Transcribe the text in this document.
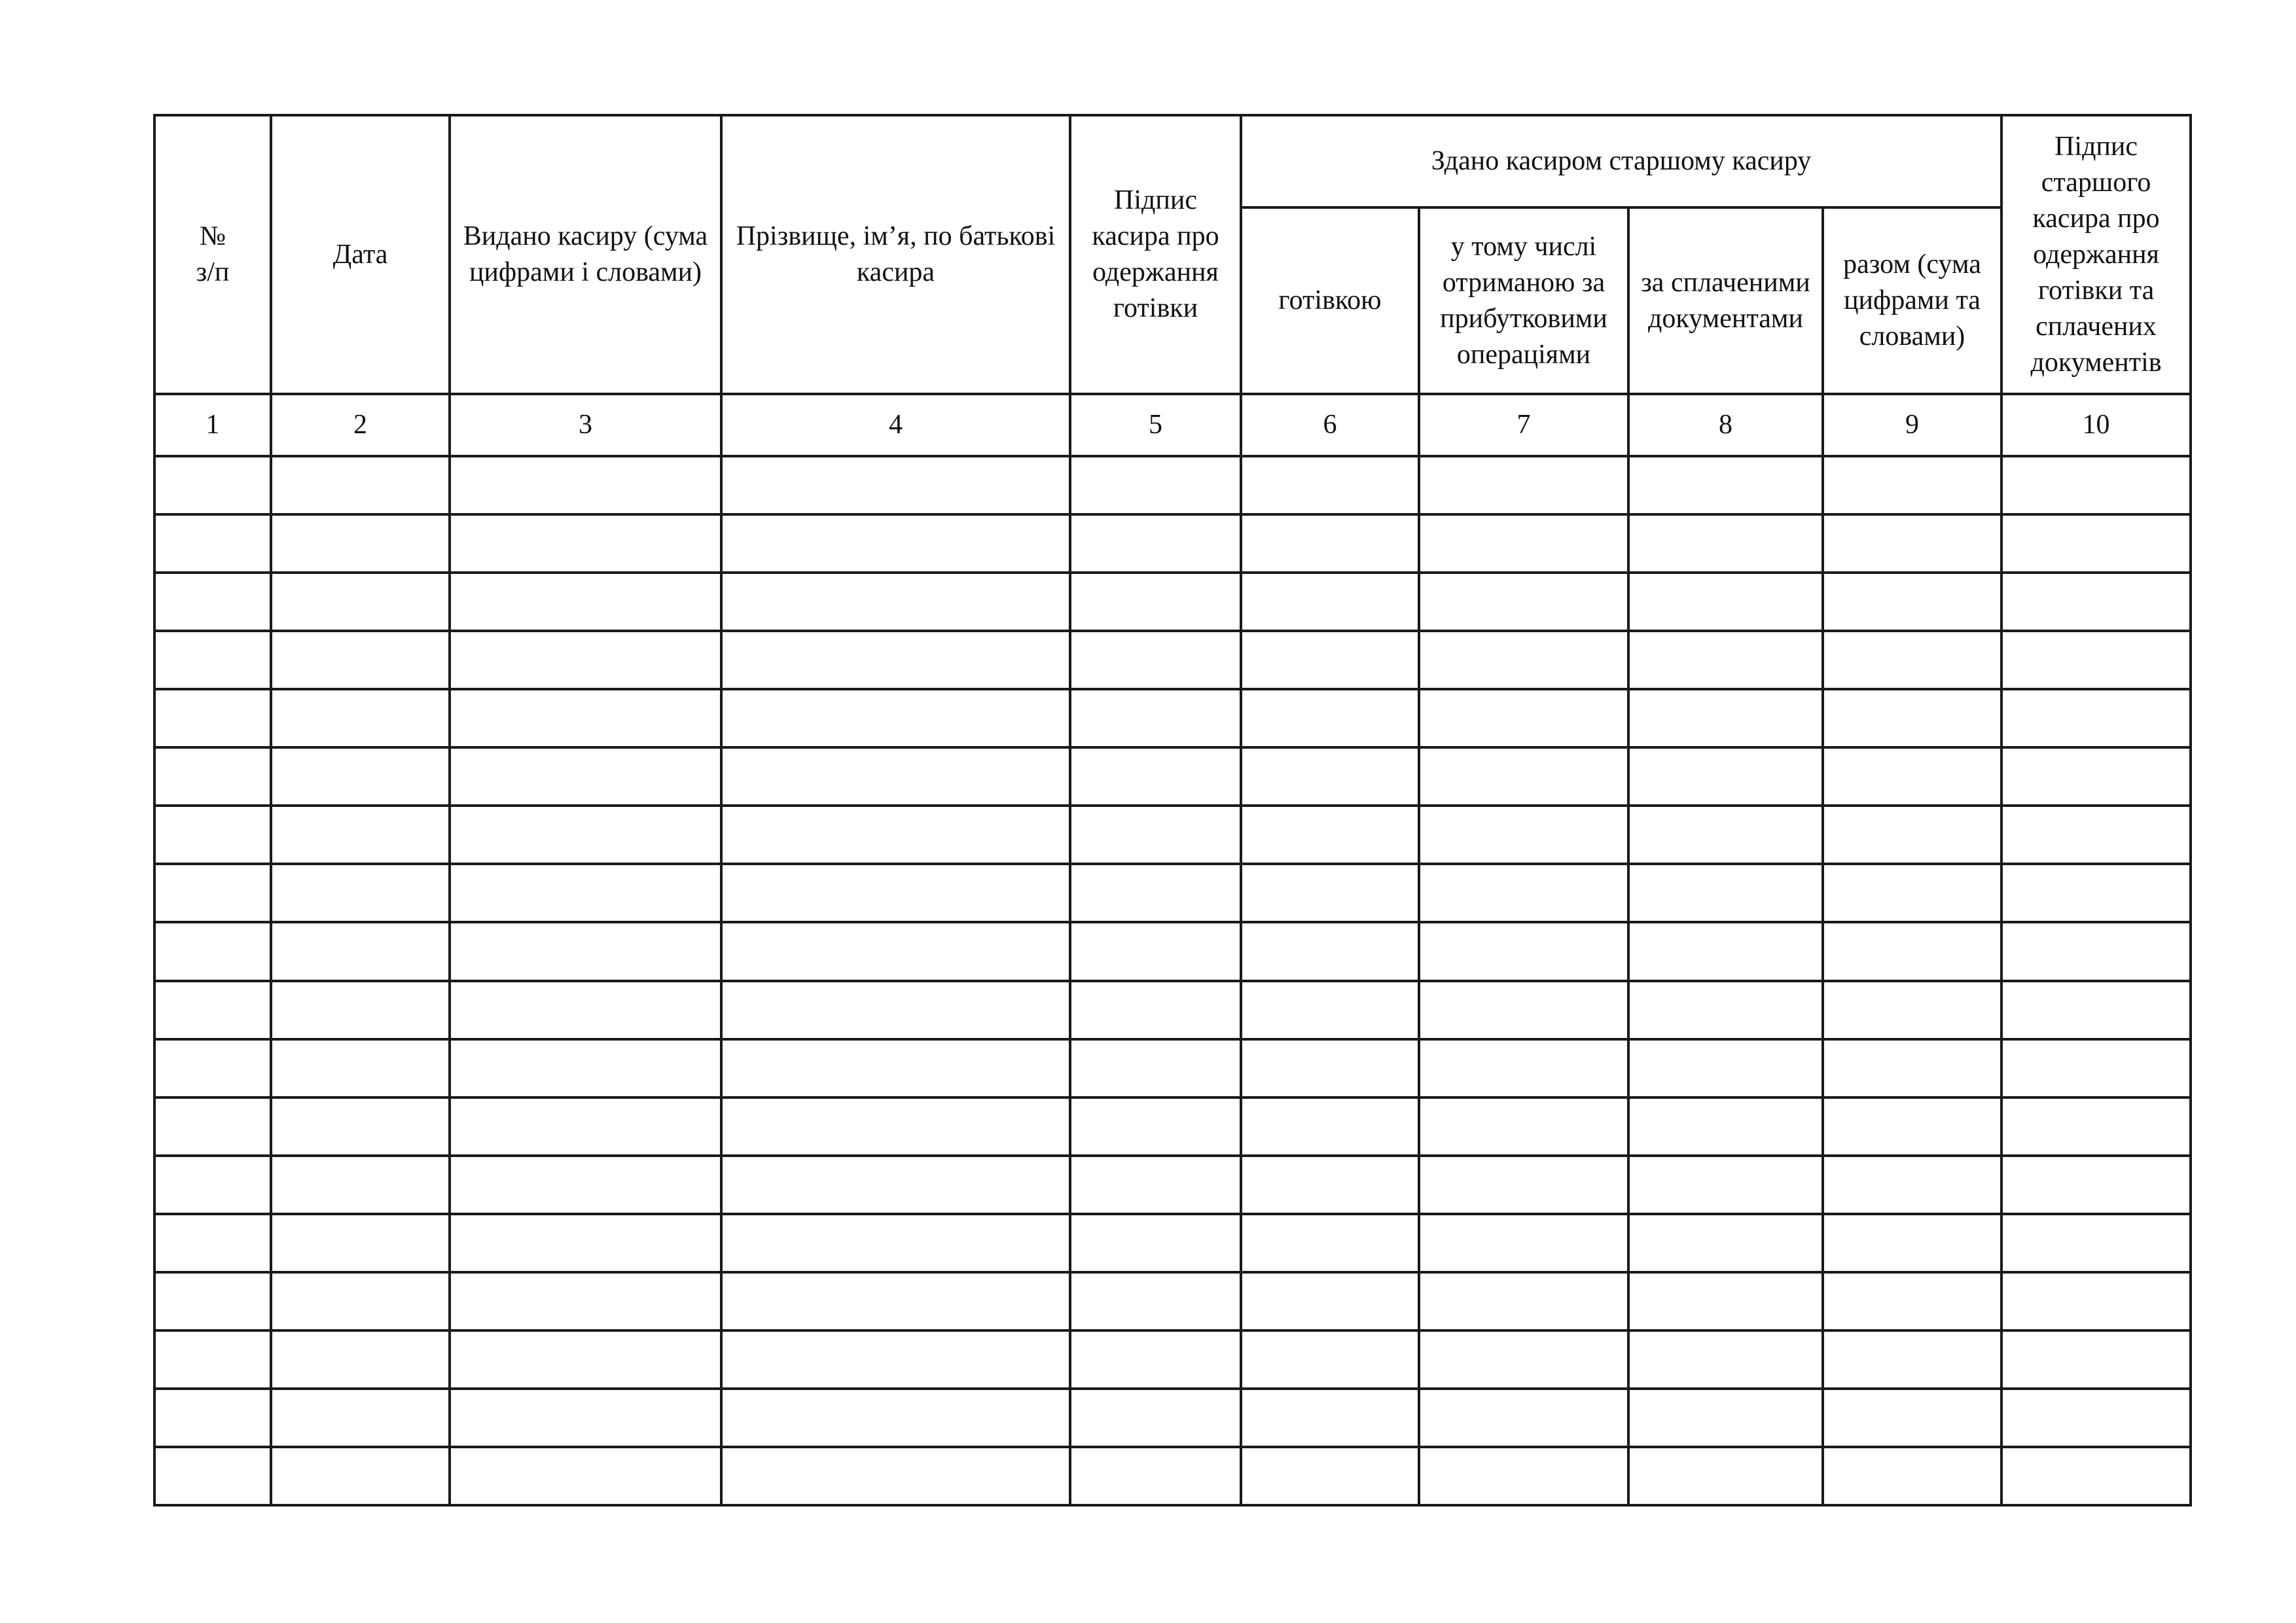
№
з/п	Дата	Видано касиру (сума цифрами і словами)	Прізвище, ім’я, по батькові касира	Підпис касира про одержання готівки	Здано касиром старшому касиру				Підпис старшого касира про одержання готівки та сплачених документів
					готівкою	у тому числі отриманою за прибутковими операціями	за сплаченими документами	разом (сума цифрами та словами)	
1	2	3	4	5	6	7	8	9	10
